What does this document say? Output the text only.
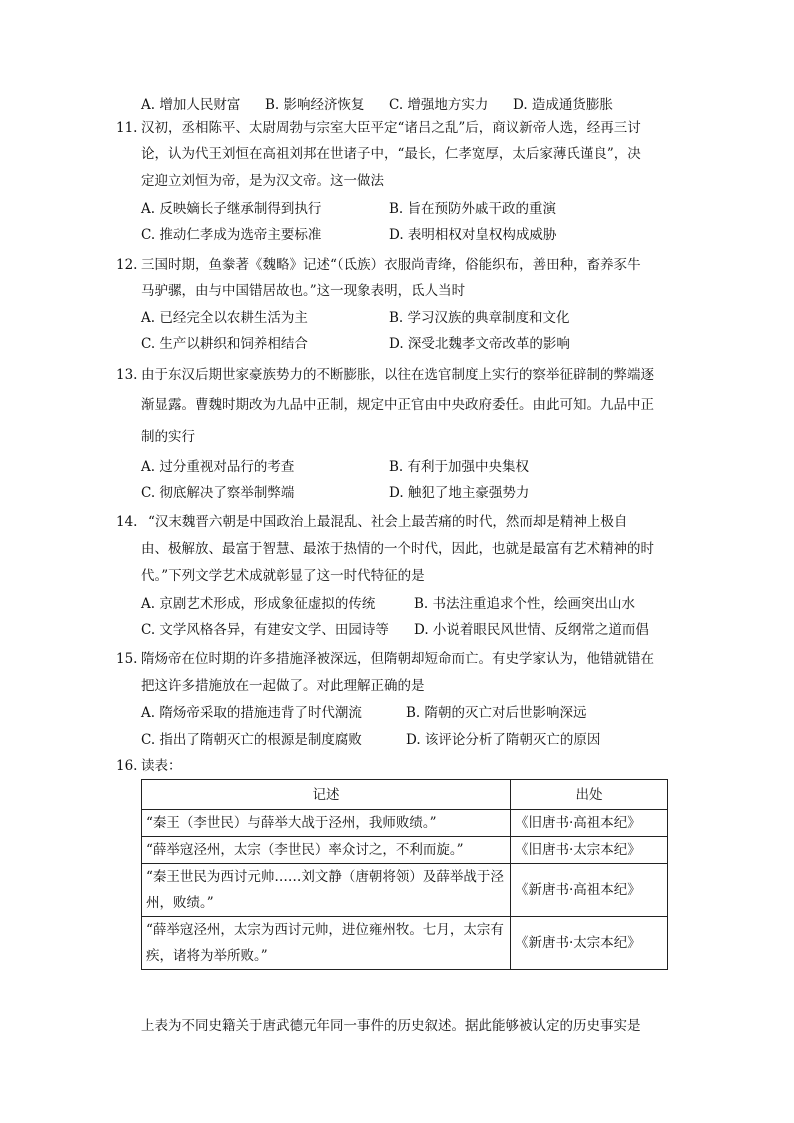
A. 增加人民财富 B. 影响经济恢复 C. 增强地方实力 D. 造成通货膨胀
11. 汉初，丞相陈平、太尉周勃与宗室大臣平定“诸吕之乱”后，商议新帝人选，经再三讨
论，认为代王刘恒在高祖刘邦在世诸子中，“最长，仁孝宽厚，太后家薄氏谨良”，决
定迎立刘恒为帝，是为汉文帝。这一做法
A. 反映嫡长子继承制得到执行	B. 旨在预防外戚干政的重演
C. 推动仁孝成为选帝主要标准	D. 表明相权对皇权构成威胁
12. 三国时期，鱼豢著《魏略》记述“（氐族）衣服尚青绛，俗能织布，善田种，畜养豕牛
马驴骡，由与中国错居故也。”这一现象表明，氐人当时
A. 已经完全以农耕生活为主	B. 学习汉族的典章制度和文化
C. 生产以耕织和饲养相结合	D. 深受北魏孝文帝改革的影响
13. 由于东汉后期世家豪族势力的不断膨胀，以往在选官制度上实行的察举征辟制的弊端逐
渐显露。曹魏时期改为九品中正制，规定中正官由中央政府委任。由此可知。九品中正
制的实行
A. 过分重视对品行的考查	B. 有利于加强中央集权
C. 彻底解决了察举制弊端	D. 触犯了地主豪强势力
14. “汉末魏晋六朝是中国政治上最混乱、社会上最苦痛的时代，然而却是精神上极自
由、极解放、最富于智慧、最浓于热情的一个时代，因此，也就是最富有艺术精神的时
代。”下列文学艺术成就彰显了这一时代特征的是
A. 京剧艺术形成，形成象征虚拟的传统	B. 书法注重追求个性，绘画突出山水
C. 文学风格各异，有建安文学、田园诗等 D. 小说着眼民风世情、反纲常之道而倡
15. 隋炀帝在位时期的许多措施泽被深远，但隋朝却短命而亡。有史学家认为，他错就错在
把这许多措施放在一起做了。对此理解正确的是
A. 隋炀帝采取的措施违背了时代潮流	B. 隋朝的灭亡对后世影响深远
C. 指出了隋朝灭亡的根源是制度腐败	D. 该评论分析了隋朝灭亡的原因
16. 读表：
记述	出处
“秦王（李世民）与薛举大战于泾州，我师败绩。”	《旧唐书·高祖本纪》
“薛举寇泾州，太宗（李世民）率众讨之，不利而旋。”	《旧唐书·太宗本纪》
“秦王世民为西讨元帅……刘文静（唐朝将领）及薛举战于泾州，败绩。”	《新唐书·高祖本纪》
“薛举寇泾州，太宗为西讨元帅，进位雍州牧。七月，太宗有疾，诸将为举所败。”	《新唐书·太宗本纪》
上表为不同史籍关于唐武德元年同一事件的历史叙述。据此能够被认定的历史事实是
